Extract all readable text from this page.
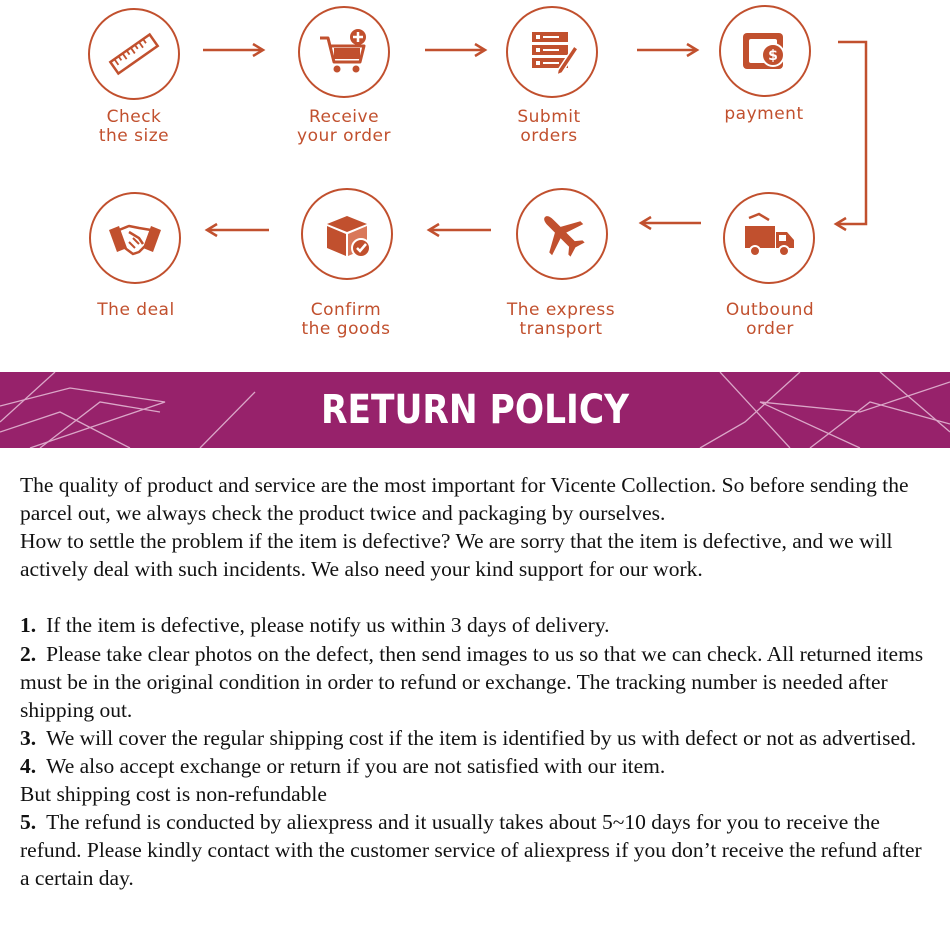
Check
the size
Receive
your order
Submit
orders
$
payment
Outbound
order
The express
transport
Confirm
the goods
The deal
RETURN POLICY

The quality of product and service are the most important for Vicente Collection. So before sending the parcel out, we always check the product twice and packaging by ourselves.

How to settle the problem if the item is defective? We are sorry that the item is defective, and we will actively deal with such incidents. We also need your kind support for our work.

1. If the item is defective, please notify us within 3 days of delivery.

2. Please take clear photos on the defect, then send images to us so that we can check. All returned items must be in the original condition in order to refund or exchange. The tracking number is needed after shipping out.

3. We will cover the regular shipping cost if the item is identified by us with defect or not as advertised.

4. We also accept exchange or return if you are not satisfied with our item.

But shipping cost is non-refundable

5. The refund is conducted by aliexpress and it usually takes about 5~10 days for you to receive the refund. Please kindly contact with the customer service of aliexpress if you don’t receive the refund after a certain day.
